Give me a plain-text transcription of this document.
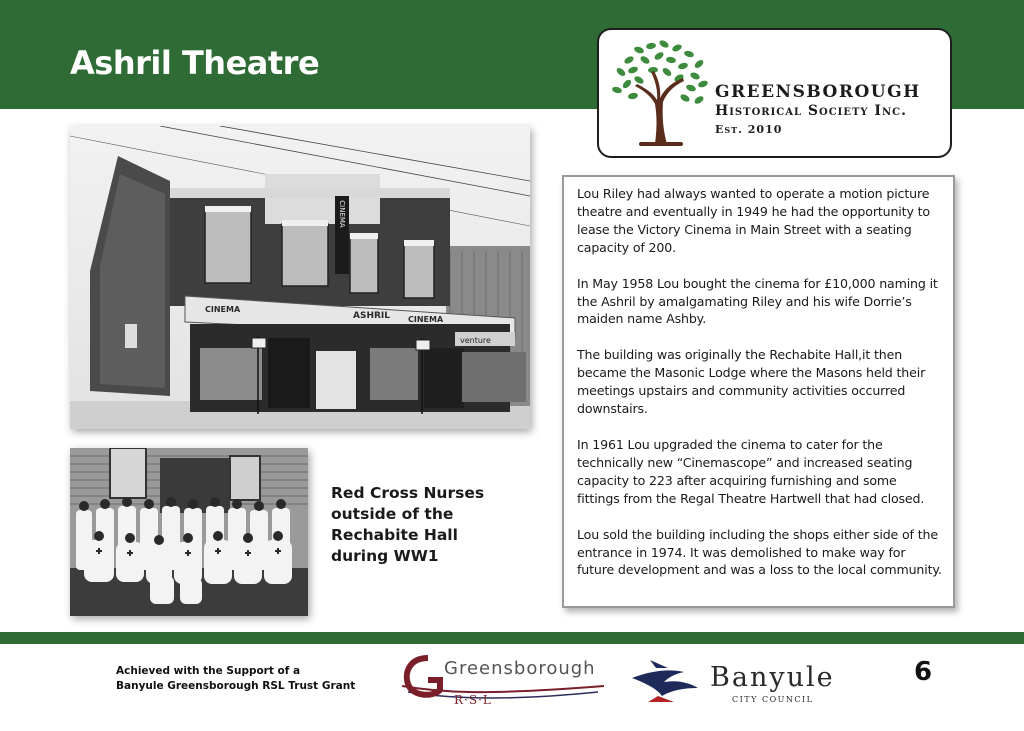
Ashril Theatre
GREENSBOROUGH
Historical Society Inc.
Est. 2010
CINEMA
CINEMA
ASHRIL CINEMA
venture
Red Cross Nurses outside of the Rechabite Hall during WW1

Lou Riley had always wanted to operate a motion picture theatre and eventually in 1949 he had the opportunity to lease the Victory Cinema in Main Street with a seating capacity of 200.

In May 1958 Lou bought the cinema for £10,000 naming it the Ashril by amalgamating Riley and his wife Dorrie’s maiden name Ashby.

The building was originally the Rechabite Hall,it then became the Masonic Lodge where the Masons held their meetings upstairs and community activities occurred downstairs.

In 1961 Lou upgraded the cinema to cater for the technically new “Cinemascope” and increased seating capacity to 223 after acquiring furnishing and some fittings from the Regal Theatre Hartwell that had closed.

Lou sold the building including the shops either side of the entrance in 1974. It was demolished to make way for future development and was a loss to the local community.

Achieved with the Support of a
Banyule Greensborough RSL Trust Grant
Greensborough
R·S·L
Banyule
CITY COUNCIL
6
